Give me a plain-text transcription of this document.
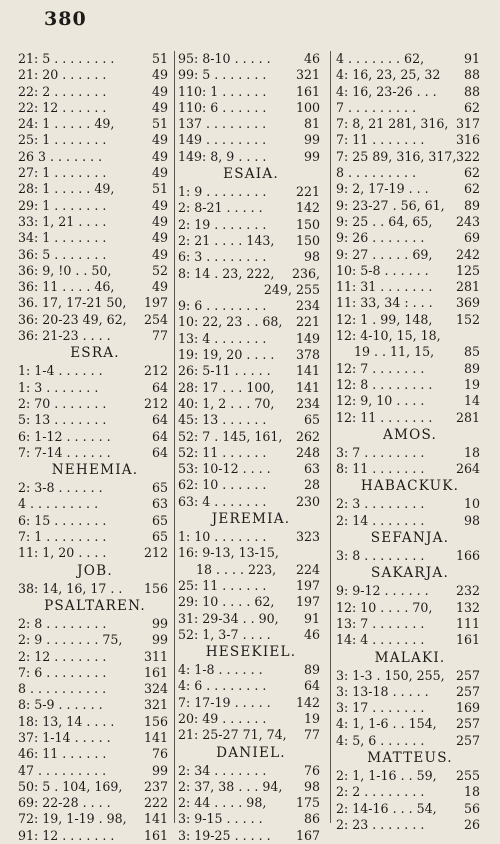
380
21: 5 . . . . . . . .	51
21: 20 . . . . . .	49
22: 2 . . . . . . .	49
22: 12 . . . . . .	49
24: 1 . . . . . 49,	51
25: 1 . . . . . . .	49
26 3 . . . . . . .	49
27: 1 . . . . . . .	49
28: 1 . . . . . 49,	51
29: 1 . . . . . . .	49
33: 1, 21 . . . .	49
34: 1 . . . . . . .	49
36: 5 . . . . . . .	49
36: 9, !0 . . 50,	52
36: 11 . . . . 46,	49
36. 17, 17-21 50, 197
36: 20-23 49, 62, 254
36: 21-23 . . . .	77
ESRA.
1: 1-4 . . . . . .	212
1: 3 . . . . . . .	64
2: 70 . . . . . . .	212
5: 13 . . . . . . .	64
6: 1-12 . . . . . .	64
7: 7-14 . . . . . .	64
NEHEMIA.
2: 3-8 . . . . . .	65
4 . . . . . . . . .	63
6: 15 . . . . . . .	65
7: 1 . . . . . . . .	65
11: 1, 20 . . . .	212
JOB.
38: 14, 16, 17 . . 156
PSALTAREN.
2: 8 . . . . . . . .	99
2: 9 . . . . . . . 75, 99
2: 12 . . . . . . .	311
7: 6 . . . . . . . .	161
8 . . . . . . . . . .	324
8: 5-9 . . . . . .	321
18: 13, 14 . . . . 156
37: 1-14 . . . . .	141
46: 11 . . . . . .	76
47 . . . . . . . . .	99
50: 5 . 104, 169, 237
69: 22-28 . . . .	222
72: 19, 1-19 . 98, 141
91: 12 . . . . . . . 161
95: 8-10 . . . . .	46
99: 5 . . . . . . . 321
110: 1 . . . . . . 161
110: 6 . . . . . . 100
137 . . . . . . . .	81
149 . . . . . . . .	99
149: 8, 9 . . . .	99
ESAIA.
1: 9 . . . . . . . . 221
2: 8-21 . . . . .	142
2: 19 . . . . . . . 150
2: 21 . . . . 143, 150
6: 3 . . . . . . . .	98
8: 14 . 23, 222, 236,
249, 255
9: 6 . . . . . . . . 234
10: 22, 23 . . 68, 221
13: 4 . . . . . . . 149
19: 19, 20 . . . . 378
26: 5-11 . . . . . 141
28: 17 . . . 100, 141
40: 1, 2 . . . 70, 234
45: 13 . . . . . .	65
52: 7 . 145, 161, 262
52: 11 . . . . . . 248
53: 10-12 . . . .	63
62: 10 . . . . . .	28
63: 4 . . . . . . . 230
JEREMIA.
1: 10 . . . . . . . 323
16: 9-13, 13-15,
18 . . . . 223, 224
25: 11 . . . . . . 197
29: 10 . . . . 62, 197
31: 29-34 . . 90, 91
52: 1, 3-7 . . . .	46
HESEKIEL.
4: 1-8 . . . . . .	89
4: 6 . . . . . . . .	64
7: 17-19 . . . . . 142
20: 49 . . . . . .	19
21: 25-27 71, 74, 77
DANIEL.
2: 34 . . . . . . .	76
2: 37, 38 . . . 94, 98
2: 44 . . . . 98, 175
3: 9-15 . . . . .	86
3: 19-25 . . . . . 167
4 . . . . . . . 62,	91
4: 16, 23, 25, 32 88
4: 16, 23-26 . . . 88
7 . . . . . . . . .	62
7: 8, 21 281, 316, 317
7: 11 . . . . . . .	316
7: 25 89, 316, 317, 322
8 . . . . . . . . .	62
9: 2, 17-19 . . .	62
9: 23-27 . 56, 61, 89
9: 25 . . 64, 65, 243
9: 26 . . . . . . .	69
9: 27 . . . . . 69, 242
10: 5-8 . . . . . . 125
11: 31 . . . . . . . 281
11: 33, 34 : . . . 369
12: 1 . 99, 148, 152
12: 4-10, 15, 18,
19 . . 11, 15, 85
12: 7 . . . . . . .	89
12: 8 . . . . . . . .	19
12: 9, 10 . . . .	14
12: 11 . . . . . . . 281
AMOS.
3: 7 . . . . . . . .	18
8: 11 . . . . . . .	264
HABACKUK.
2: 3 . . . . . . . .	10
2: 14 . . . . . . .	98
SEFANJA.
3: 8 . . . . . . . .	166
SAKARJA.
9: 9-12 . . . . . . 232
12: 10 . . . . 70, 132
13: 7 . . . . . . .	111
14: 4 . . . . . . .	161
MALAKI.
3: 1-3 . 150, 255, 257
3: 13-18 . . . . . 257
3: 17 . . . . . . .	169
4: 1, 1-6 . . 154, 257
4: 5, 6 . . . . . .	257
MATTEUS.
2: 1, 1-16 . . 59, 255
2: 2 . . . . . . . .	18
2: 14-16 . . . 54, 56
2: 23 . . . . . . .	26
